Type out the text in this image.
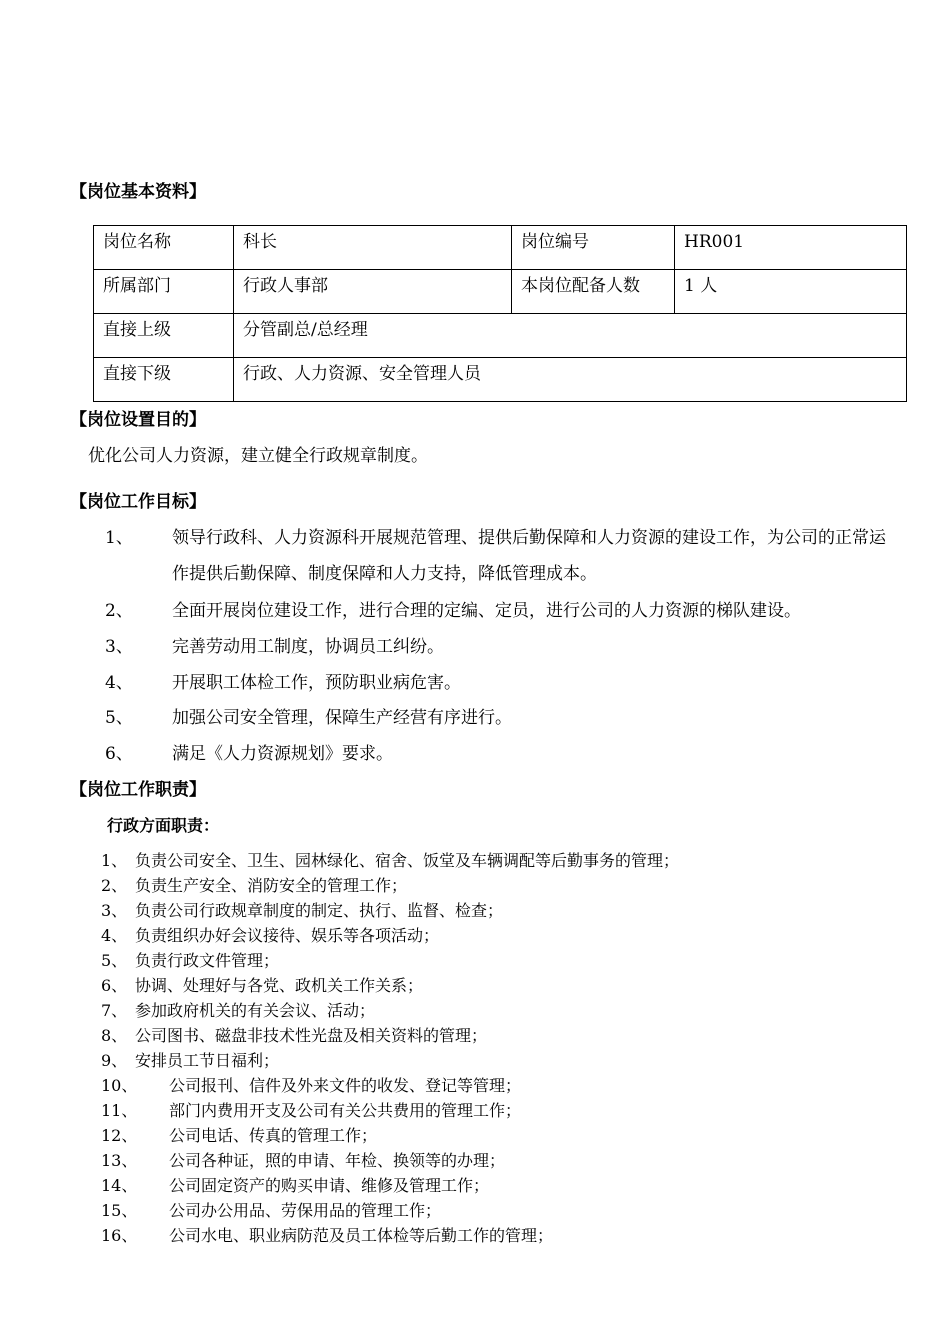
【岗位基本资料】
岗位名称	科长	岗位编号	HR001
所属部门	行政人事部	本岗位配备人数	1 人
直接上级	分管副总/总经理		
直接下级	行政、人力资源、安全管理人员		
【岗位设置目的】
优化公司人力资源，建立健全行政规章制度。
【岗位工作目标】
1、 领导行政科、人力资源科开展规范管理、提供后勤保障和人力资源的建设工作，为公司的正常运作提供后勤保障、制度保障和人力支持，降低管理成本。
2、 全面开展岗位建设工作，进行合理的定编、定员，进行公司的人力资源的梯队建设。
3、 完善劳动用工制度，协调员工纠纷。
4、 开展职工体检工作，预防职业病危害。
5、 加强公司安全管理，保障生产经营有序进行。
6、 满足《人力资源规划》要求。
【岗位工作职责】
行政方面职责：
1、 负责公司安全、卫生、园林绿化、宿舍、饭堂及车辆调配等后勤事务的管理；
2、 负责生产安全、消防安全的管理工作；
3、 负责公司行政规章制度的制定、执行、监督、检查；
4、 负责组织办好会议接待、娱乐等各项活动；
5、 负责行政文件管理；
6、 协调、处理好与各党、政机关工作关系；
7、 参加政府机关的有关会议、活动；
8、 公司图书、磁盘非技术性光盘及相关资料的管理；
9、 安排员工节日福利；
10、 公司报刊、信件及外来文件的收发、登记等管理；
11、 部门内费用开支及公司有关公共费用的管理工作；
12、 公司电话、传真的管理工作；
13、 公司各种证，照的申请、年检、换领等的办理；
14、 公司固定资产的购买申请、维修及管理工作；
15、 公司办公用品、劳保用品的管理工作；
16、 公司水电、职业病防范及员工体检等后勤工作的管理；
